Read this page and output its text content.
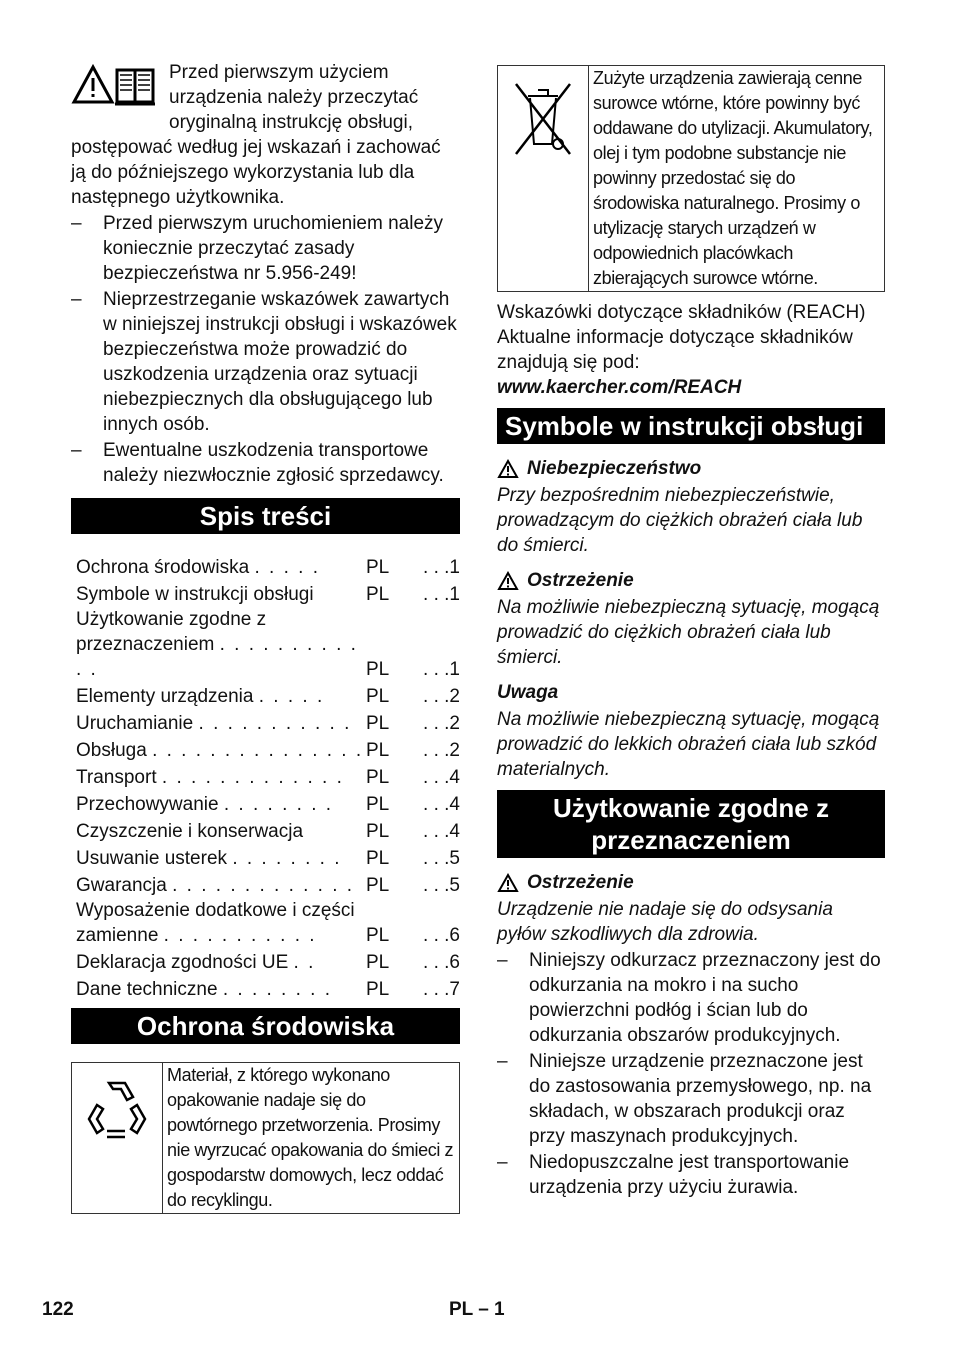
Przed pierwszym użyciem urządzenia należy przeczytać oryginalną instrukcję obsługi, postępować według jej wskazań i zachować ją do późniejszego wykorzystania lub dla następnego użytkownika.

– Przed pierwszym uruchomieniem należy koniecznie przeczytać zasady bezpieczeństwa nr 5.956-249!
– Nieprzestrzeganie wskazówek zawartych w niniejszej instrukcji obsługi i wskazówek bezpieczeństwa może prowadzić do uszkodzenia urządzenia oraz sytuacji niebezpiecznych dla obsługującego lub innych osób.
– Ewentualne uszkodzenia transportowe należy niezwłocznie zgłosić sprzedawcy.
Spis treści
Ochrona środowiska . . . . .	PL	. . .1
Symbole w instrukcji obsługi	PL	. . .1
Użytkowanie zgodne z przeznaczeniem . . . . . . . . . . . .	PL	. . .1
Elementy urządzenia . . . . .	PL	. . .2
Uruchamianie . . . . . . . . . . . PL	. . .2
Obsługa . . . . . . . . . . . . . . . PL	. . .2
Transport . . . . . . . . . . . . .	PL	. . .4
Przechowywanie . . . . . . . .	PL	. . .4
Czyszczenie i konserwacja	PL	. . .4
Usuwanie usterek . . . . . . . .	PL	. . .5
Gwarancja . . . . . . . . . . . . . PL	. . .5
Wyposażenie dodatkowe i części zamienne . . . . . . . . . . .	PL	. . .6
Deklaracja zgodności UE . .	PL	. . .6
Dane techniczne . . . . . . . .	PL	. . .7
Ochrona środowiska
Materiał, z którego wykonano opakowanie nadaje się do powtórnego przetworzenia. Prosimy nie wyrzucać opakowania do śmieci z gospodarstw domowych, lecz oddać do recyklingu.
Zużyte urządzenia zawierają cenne surowce wtórne, które powinny być oddawane do utylizacji. Akumulatory, olej i tym podobne substancje nie powinny przedostać się do środowiska naturalnego. Prosimy o utylizację starych urządzeń w odpowiednich placówkach zbierających surowce wtórne.

Wskazówki dotyczące składników (REACH)

Aktualne informacje dotyczące składników znajdują się pod:

www.kaercher.com/REACH

Symbole w instrukcji obsługi
Niebezpieczeństwo

Przy bezpośrednim niebezpieczeństwie, prowadzącym do ciężkich obrażeń ciała lub do śmierci.

Ostrzeżenie

Na możliwie niebezpieczną sytuację, mogącą prowadzić do ciężkich obrażeń ciała lub śmierci.

Uwaga

Na możliwie niebezpieczną sytuację, mogącą prowadzić do lekkich obrażeń ciała lub szkód materialnych.

Użytkowanie zgodne z przeznaczeniem
Ostrzeżenie

Urządzenie nie nadaje się do odsysania pyłów szkodliwych dla zdrowia.

– Niniejszy odkurzacz przeznaczony jest do odkurzania na mokro i na sucho powierzchni podłóg i ścian lub do odkurzania obszarów produkcyjnych.
– Niniejsze urządzenie przeznaczone jest do zastosowania przemysłowego, np. na składach, w obszarach produkcji oraz przy maszynach produkcyjnych.
– Niedopuszczalne jest transportowanie urządzenia przy użyciu żurawia.
122	PL – 1
